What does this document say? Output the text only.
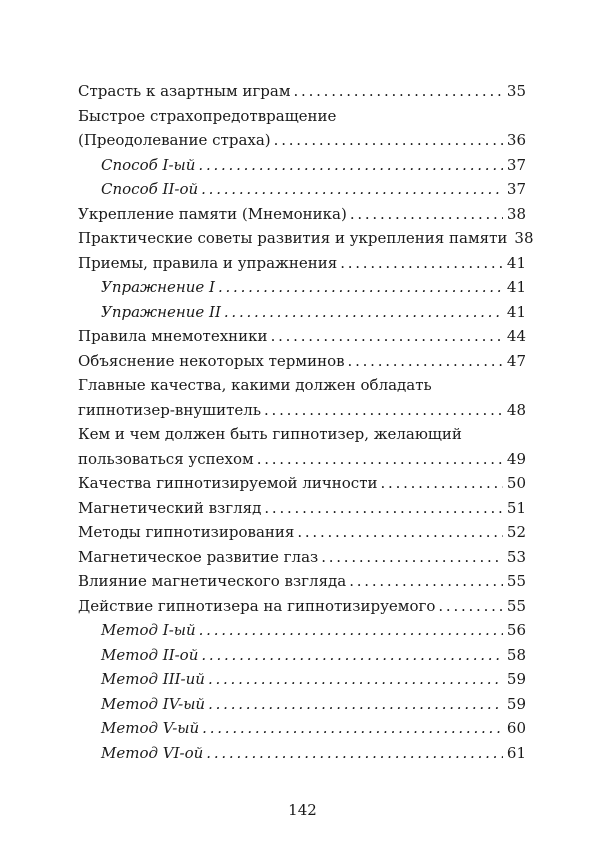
Страсть к азартным играм . . .	35
Быстрое страхопредотвращение
(Преодолевание страха) . . .	36
Способ I-ый . . .	37
Способ II-ой . . .	37
Укрепление памяти (Мнемоника) . . .	38
Практические советы развития и укрепления памяти 38
Приемы, правила и упражнения . . .	41
Упражнение I . . .	41
Упражнение II . . .	41
Правила мнемотехники . . .	44
Объяснение некоторых терминов . . .	47
Главные качества, какими должен обладать
гипнотизер-внушитель . . .	48
Кем и чем должен быть гипнотизер, желающий
пользоваться успехом . . .	49
Качества гипнотизируемой личности . . .	50
Магнетический взгляд . . .	51
Методы гипнотизирования . . .	52
Магнетическое развитие глаз . . .	53
Влияние магнетического взгляда . . .	55
Действие гипнотизера на гипнотизируемого . . .	55
Метод I-ый . . .	56
Метод II-ой . . .	58
Метод III-ий . . .	59
Метод IV-ый . . .	59
Метод V-ый . . .	60
Метод VI-ой . . .	61
142
